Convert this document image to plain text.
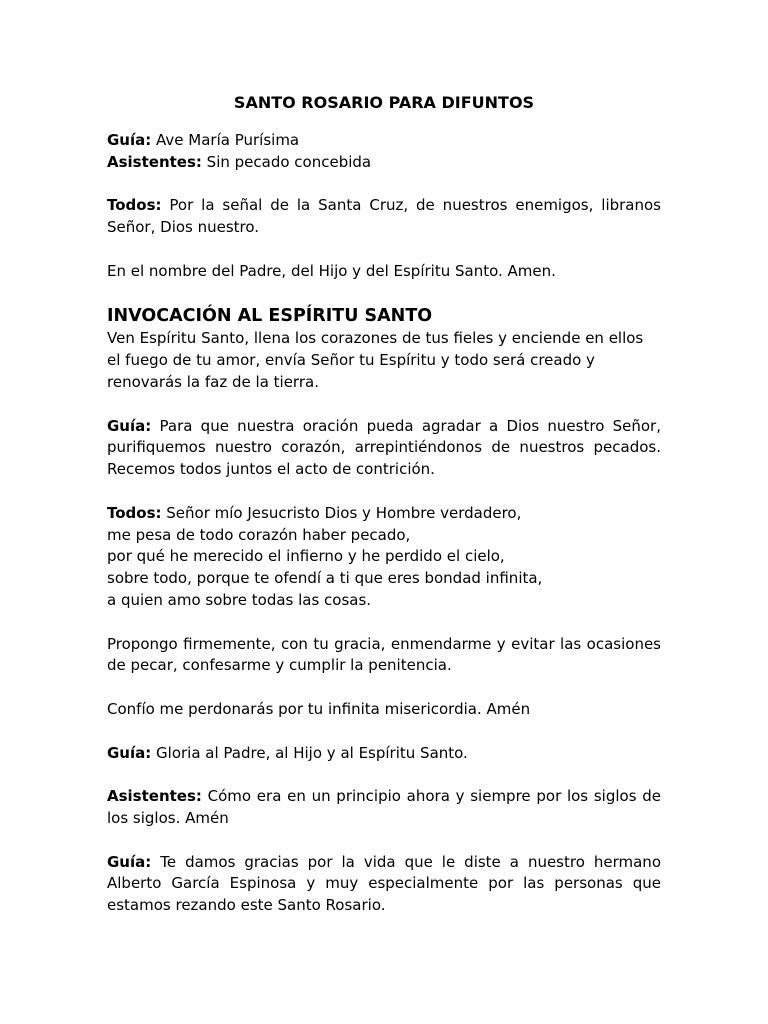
SANTO ROSARIO PARA DIFUNTOS

Guía: Ave María Purísima

Asistentes: Sin pecado concebida

Todos: Por la señal de la Santa Cruz, de nuestros enemigos, libranos Señor, Dios nuestro.

En el nombre del Padre, del Hijo y del Espíritu Santo. Amen.

INVOCACIÓN AL ESPÍRITU SANTO

Ven Espíritu Santo, llena los corazones de tus fieles y enciende en ellos el fuego de tu amor, envía Señor tu Espíritu y todo será creado y renovarás la faz de la tierra.

Guía: Para que nuestra oración pueda agradar a Dios nuestro Señor, purifiquemos nuestro corazón, arrepintiéndonos de nuestros pecados. Recemos todos juntos el acto de contrición.

Todos: Señor mío Jesucristo Dios y Hombre verdadero,
me pesa de todo corazón haber pecado,
por qué he merecido el infierno y he perdido el cielo,
sobre todo, porque te ofendí a ti que eres bondad infinita,
a quien amo sobre todas las cosas.

Propongo firmemente, con tu gracia, enmendarme y evitar las ocasiones de pecar, confesarme y cumplir la penitencia.

Confío me perdonarás por tu infinita misericordia. Amén

Guía: Gloria al Padre, al Hijo y al Espíritu Santo.

Asistentes: Cómo era en un principio ahora y siempre por los siglos de los siglos. Amén

Guía: Te damos gracias por la vida que le diste a nuestro hermano Alberto García Espinosa y muy especialmente por las personas que estamos rezando este Santo Rosario.
